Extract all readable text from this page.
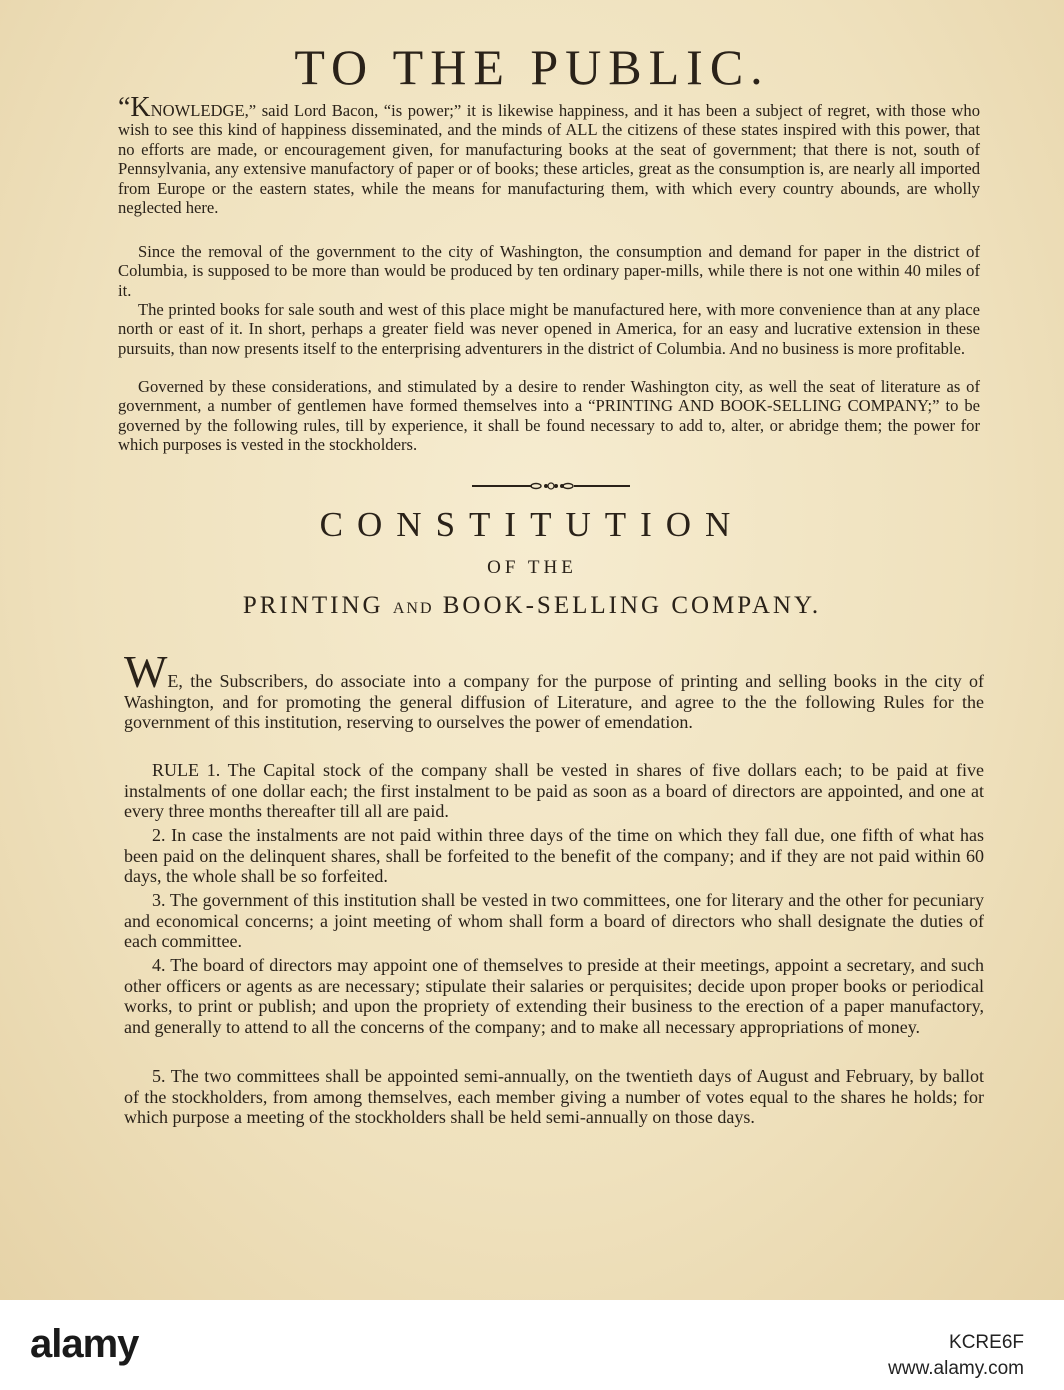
TO THE PUBLIC.

“KNOWLEDGE,” said Lord Bacon, “is power;” it is likewise happiness, and it has been a subject of regret, with those who wish to see this kind of happiness disseminated, and the minds of ALL the citizens of these states inspired with this power, that no efforts are made, or encouragement given, for manufacturing books at the seat of government; that there is not, south of Pennsylvania, any extensive manufactory of paper or of books; these articles, great as the consumption is, are nearly all imported from Europe or the eastern states, while the means for manufacturing them, with which every country abounds, are wholly neglected here.

Since the removal of the government to the city of Washington, the consumption and demand for paper in the district of Columbia, is supposed to be more than would be produced by ten ordinary paper-mills, while there is not one within 40 miles of it.

The printed books for sale south and west of this place might be manufactured here, with more convenience than at any place north or east of it. In short, perhaps a greater field was never opened in America, for an easy and lucrative extension in these pursuits, than now presents itself to the enterprising adventurers in the district of Columbia. And no business is more profitable.

Governed by these considerations, and stimulated by a desire to render Washington city, as well the seat of literature as of government, a number of gentlemen have formed themselves into a “PRINTING AND BOOK-SELLING COMPANY;” to be governed by the following rules, till by experience, it shall be found necessary to add to, alter, or abridge them; the power for which purposes is vested in the stockholders.

CONSTITUTION
OF THE
PRINTING AND BOOK-SELLING COMPANY.

WE, the Subscribers, do associate into a company for the purpose of printing and selling books in the city of Washington, and for promoting the general diffusion of Literature, and agree to the the following Rules for the government of this institution, reserving to ourselves the power of emendation.

RULE 1. The Capital stock of the company shall be vested in shares of five dollars each; to be paid at five instalments of one dollar each; the first instalment to be paid as soon as a board of directors are appointed, and one at every three months thereafter till all are paid.

2. In case the instalments are not paid within three days of the time on which they fall due, one fifth of what has been paid on the delinquent shares, shall be forfeited to the benefit of the company; and if they are not paid within 60 days, the whole shall be so forfeited.

3. The government of this institution shall be vested in two committees, one for literary and the other for pecuniary and economical concerns; a joint meeting of whom shall form a board of directors who shall designate the duties of each committee.

4. The board of directors may appoint one of themselves to preside at their meetings, appoint a secretary, and such other officers or agents as are necessary; stipulate their salaries or perquisites; decide upon proper books or periodical works, to print or publish; and upon the propriety of extending their business to the erection of a paper manufactory, and generally to attend to all the concerns of the company; and to make all necessary appropriations of money.

5. The two committees shall be appointed semi-annually, on the twentieth days of August and February, by ballot of the stockholders, from among themselves, each member giving a number of votes equal to the shares he holds; for which purpose a meeting of the stockholders shall be held semi-annually on those days.

alamy	KCRE6F
www.alamy.com
